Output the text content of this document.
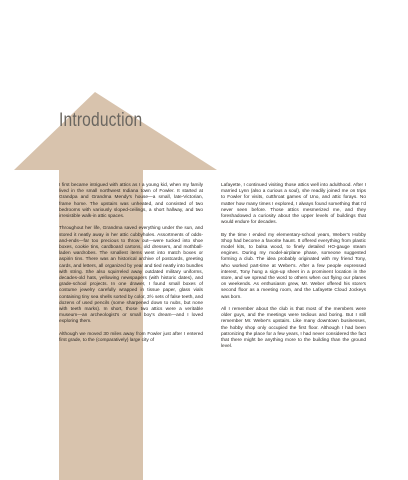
Introduction

I first became intrigued with attics as I a young kid, when my family lived in the small northwest Indiana town of Fowler. It started at Grandpa and Grandma Mendy's house—a small, late-Victorian, frame home. The upstairs was unheated, and consisted of two bedrooms with variously sloped-ceilings, a short hallway, and two irresistible walk-in attic spaces.

Throughout her life, Grandma saved everything under the sun, and stored it neatly away in her attic cubbyholes. Assortments of odds-and-ends—far too precious to throw out—were tucked into shoe boxes, cookie tins, cardboard cartons, old dressers, and mothball-laden wardrobes. The smallest items went into match boxes or aspirin tins. There was an historical archive of postcards, greeting cards, and letters, all organized by year and tied neatly into bundles with string. She also squirreled away outdated military uniforms, decades-old hats, yellowing newspapers (with historic dates), and grade-school projects. In one drawer, I found small boxes of costume jewelry carefully wrapped in tissue paper, glass vials containing tiny sea shells sorted by color, 3½ sets of false teeth, and dozens of used pencils (some sharpened down to nubs, but none with teeth marks). In short, those two attics were a veritable museum—an archeologist's or small boy's dream—and I loved exploring them.

Although we moved 30 miles away from Fowler just after I entered first grade, to the (comparatively) large city of

Lafayette, I continued visiting those attics well into adulthood. After I married Lynn (also a curious a soul), she readily joined me on trips to Fowler for visits, cutthroat games of Uno, and attic forays. No matter how many times I explored, I always found something that I'd never seen before. Those attics mesmerized me, and they foreshadowed a curiosity about the upper levels of buildings that would endure for decades.

By the time I ended my elementary-school years, Weber's Hobby Shop had become a favorite haunt. It offered everything from plastic model kits, to balsa wood, to finely detailed HO-gauge steam engines. During my model-airplane phase, someone suggested forming a club. The idea probably originated with my friend Tony, who worked part-time at Weber's. After a few people expressed interest, Tony hung a sign-up sheet in a prominent location in the store, and we spread the word to others when out flying our planes on weekends. As enthusiasm grew, Mr. Weber offered his store's second floor as a meeting room, and the Lafayette Cloud Jockeys was born.

All I remember about the club is that most of the members were older guys, and the meetings were tedious and boring. But I still remember Mr. Weber's upstairs. Like many downtown businesses, the hobby shop only occupied the first floor. Although I had been patronizing the place for a few years, I had never considered the fact that there might be anything more to the building than the ground level.
